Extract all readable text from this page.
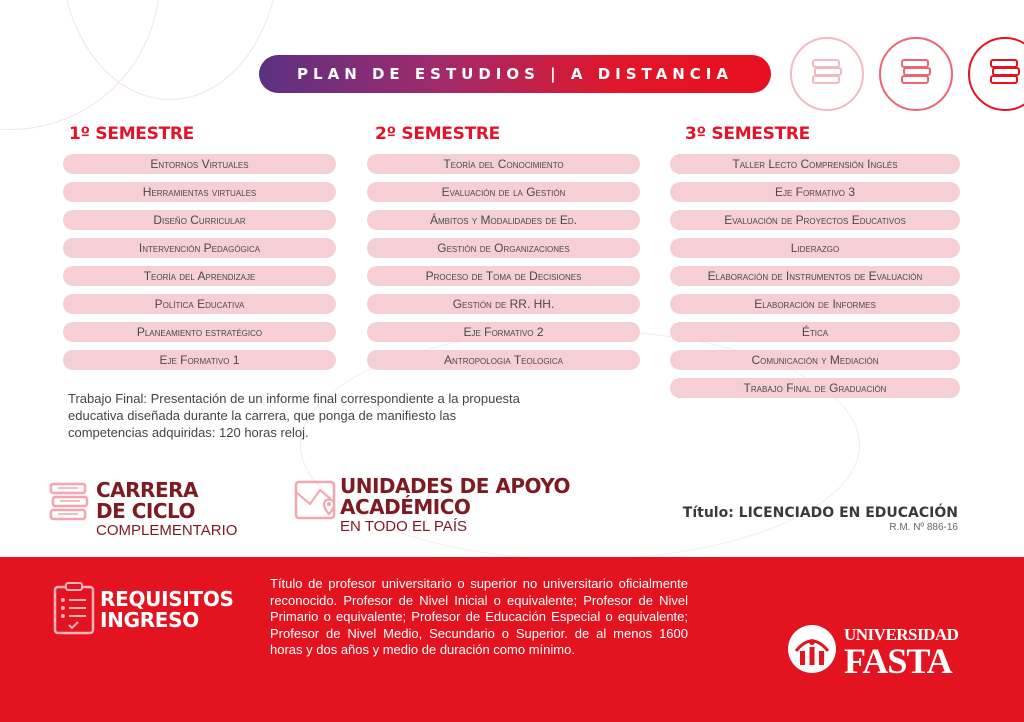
PLAN DE ESTUDIOS | A DISTANCIA
1º SEMESTRE
Entornos Virtuales
Herramientas virtuales
Diseño Curricular
Intervención Pedagógica
Teoría del Aprendizaje
Política Educativa
Planeamiento estratégico
Eje Formativo 1
2º SEMESTRE
Teoría del Conocimiento
Evaluación de la Gestión
Ámbitos y Modalidades de Ed.
Gestión de Organizaciones
Proceso de Toma de Decisiones
Gestión de RR. HH.
Eje Formativo 2
Antropologia Teologica
3º SEMESTRE
Taller Lecto Comprensión Inglés
Eje Formativo 3
Evaluación de Proyectos Educativos
Liderazgo
Elaboración de Instrumentos de Evaluación
Elaboración de Informes
Ética
Comunicación y Mediación
Trabajo Final de Graduación
Trabajo Final: Presentación de un informe final correspondiente a la propuesta educativa diseñada durante la carrera, que ponga de manifiesto las competencias adquiridas: 120 horas reloj.
CARRERA
DE CICLO
COMPLEMENTARIO
UNIDADES DE APOYO
ACADÉMICO
EN TODO EL PAÍS
Título: LICENCIADO EN EDUCACIÓN
R.M. Nº 886-16
REQUISITOS
INGRESO
Título de profesor universitario o superior no universitario oficialmente reconocido. Profesor de Nivel Inicial o equivalente; Profesor de Nivel Primario o equivalente; Profesor de Educación Especial o equivalente; Profesor de Nivel Medio, Secundario o Superior. de al menos 1600 horas y dos años y medio de duración como mínimo.
UNIVERSIDAD
FASTA
